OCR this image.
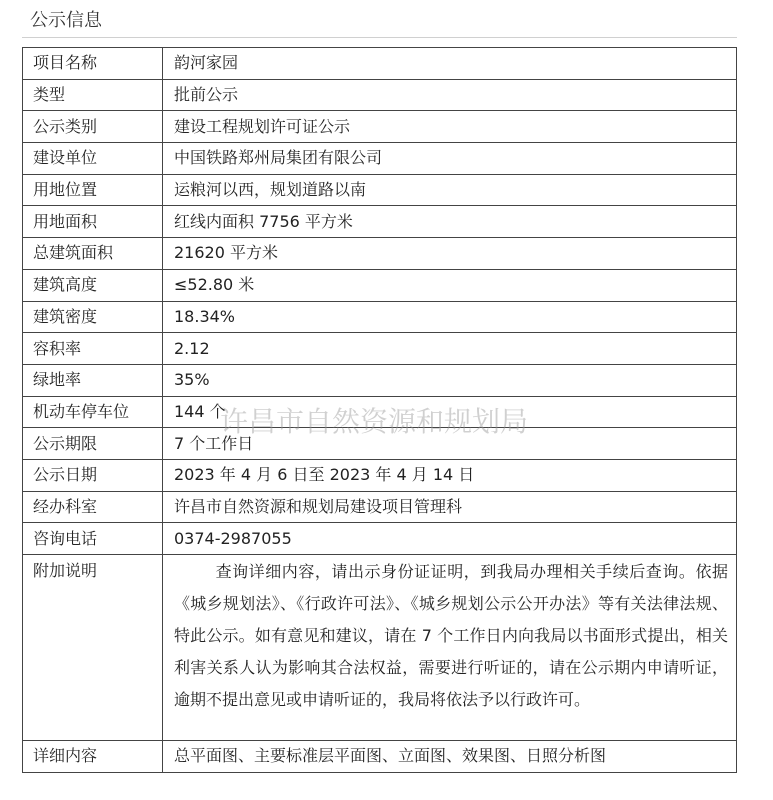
公示信息
项目名称	韵河家园
类型	批前公示
公示类别	建设工程规划许可证公示
建设单位	中国铁路郑州局集团有限公司
用地位置	运粮河以西，规划道路以南
用地面积	红线内面积 7756 平方米
总建筑面积	21620 平方米
建筑高度	≤52.80 米
建筑密度	18.34%
容积率	2.12
绿地率	35%
机动车停车位	144 个
公示期限	7 个工作日
公示日期	2023 年 4 月 6 日至 2023 年 4 月 14 日
经办科室	许昌市自然资源和规划局建设项目管理科
咨询电话	0374-2987055
附加说明	查询详细内容，请出示身份证证明，到我局办理相关手续后查询。依据《城乡规划法》、《行政许可法》、《城乡规划公示公开办法》等有关法律法规、特此公示。如有意见和建议，请在 7 个工作日内向我局以书面形式提出，相关利害关系人认为影响其合法权益，需要进行听证的，请在公示期内申请听证，逾期不提出意见或申请听证的，我局将依法予以行政许可。
详细内容	总平面图、主要标准层平面图、立面图、效果图、日照分析图
许昌市自然资源和规划局
